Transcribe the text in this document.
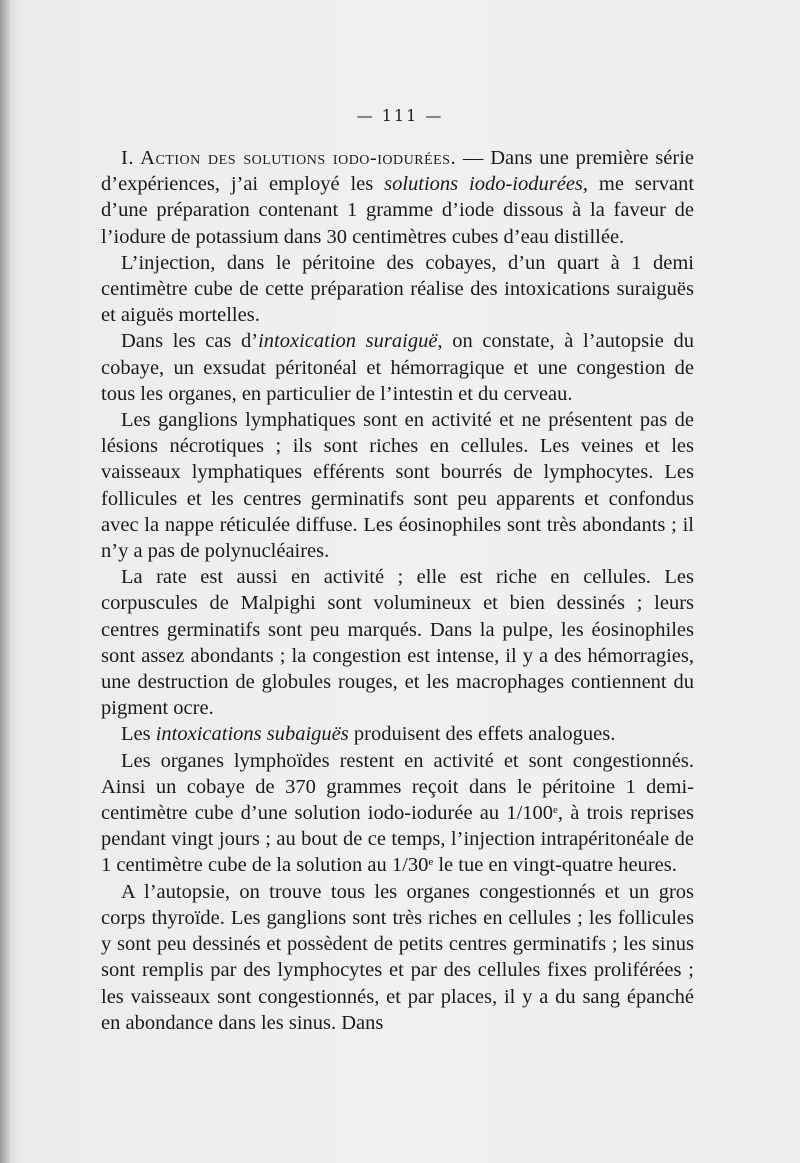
— 111 —

I. Action des solutions iodo-iodurées. — Dans une première série d’expériences, j’ai employé les solutions iodo-iodurées, me servant d’une préparation contenant 1 gramme d’iode dissous à la faveur de l’iodure de potassium dans 30 centimètres cubes d’eau distillée.

L’injection, dans le péritoine des cobayes, d’un quart à 1 demi centimètre cube de cette préparation réalise des intoxications suraiguës et aiguës mortelles.

Dans les cas d’intoxication suraiguë, on constate, à l’autopsie du cobaye, un exsudat péritonéal et hémorragique et une congestion de tous les organes, en particulier de l’intestin et du cerveau.

Les ganglions lymphatiques sont en activité et ne présentent pas de lésions nécrotiques ; ils sont riches en cellules. Les veines et les vaisseaux lymphatiques efférents sont bourrés de lymphocytes. Les follicules et les centres germinatifs sont peu apparents et confondus avec la nappe réticulée diffuse. Les éosinophiles sont très abondants ; il n’y a pas de polynucléaires.

La rate est aussi en activité ; elle est riche en cellules. Les corpuscules de Malpighi sont volumineux et bien dessinés ; leurs centres germinatifs sont peu marqués. Dans la pulpe, les éosinophiles sont assez abondants ; la congestion est intense, il y a des hémorragies, une destruction de globules rouges, et les macrophages contiennent du pigment ocre.

Les intoxications subaiguës produisent des effets analogues.

Les organes lymphoïdes restent en activité et sont congestionnés. Ainsi un cobaye de 370 grammes reçoit dans le péritoine 1 demi-centimètre cube d’une solution iodo-iodurée au 1/100e, à trois reprises pendant vingt jours ; au bout de ce temps, l’injection intrapéritonéale de 1 centimètre cube de la solution au 1/30e le tue en vingt-quatre heures.

A l’autopsie, on trouve tous les organes congestionnés et un gros corps thyroïde. Les ganglions sont très riches en cellules ; les follicules y sont peu dessinés et possèdent de petits centres germinatifs ; les sinus sont remplis par des lymphocytes et par des cellules fixes proliférées ; les vaisseaux sont congestionnés, et par places, il y a du sang épanché en abondance dans les sinus. Dans
